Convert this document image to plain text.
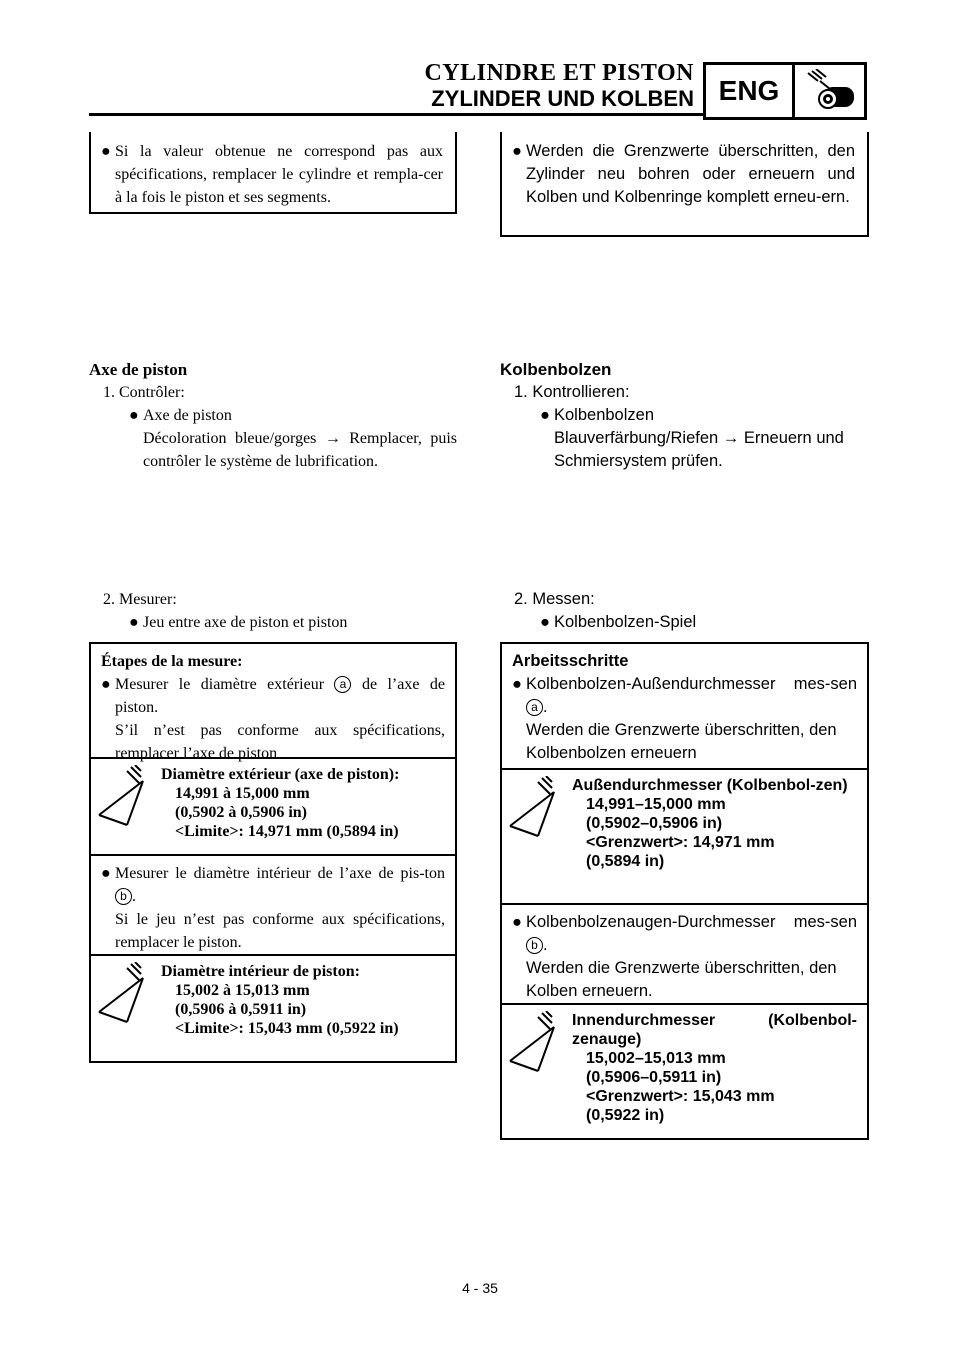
CYLINDRE ET PISTON
ZYLINDER UND KOLBEN ENG

● Si la valeur obtenue ne correspond pas aux spécifications, remplacer le cylindre et rempla-cer à la fois le piston et ses segments.

● Werden die Grenzwerte überschritten, den Zylinder neu bohren oder erneuern und Kolben und Kolbenringe komplett erneu-ern.

Axe de piston

1. Contrôler:

● Axe de piston

Décoloration bleue/gorges → Remplacer, puis contrôler le système de lubrification.

Kolbenbolzen

1. Kontrollieren:

● Kolbenbolzen

Blauverfärbung/Riefen → Erneuern und Schmiersystem prüfen.

2. Mesurer:

● Jeu entre axe de piston et piston

2. Messen:

● Kolbenbolzen-Spiel

Étapes de la mesure:

● Mesurer le diamètre extérieur a de l’axe de piston.

S’il n’est pas conforme aux spécifications, remplacer l’axe de piston

Diamètre extérieur (axe de piston):

14,991 à 15,000 mm

(0,5902 à 0,5906 in)

<Limite>: 14,971 mm (0,5894 in)

● Mesurer le diamètre intérieur de l’axe de pis-ton b .

Si le jeu n’est pas conforme aux spécifications, remplacer le piston.

Diamètre intérieur de piston:

15,002 à 15,013 mm

(0,5906 à 0,5911 in)

<Limite>: 15,043 mm (0,5922 in)

Arbeitsschritte

● Kolbenbolzen-Außendurchmesser mes-sen a .

Werden die Grenzwerte überschritten, den Kolbenbolzen erneuern

Außendurchmesser (Kolbenbol-zen)

14,991–15,000 mm

(0,5902–0,5906 in)

<Grenzwert>: 14,971 mm

(0,5894 in)

● Kolbenbolzenaugen-Durchmesser mes-sen b .

Werden die Grenzwerte überschritten, den Kolben erneuern.

Innendurchmesser (Kolbenbol-zenauge)

15,002–15,013 mm

(0,5906–0,5911 in)

<Grenzwert>: 15,043 mm

(0,5922 in)

4 - 35
